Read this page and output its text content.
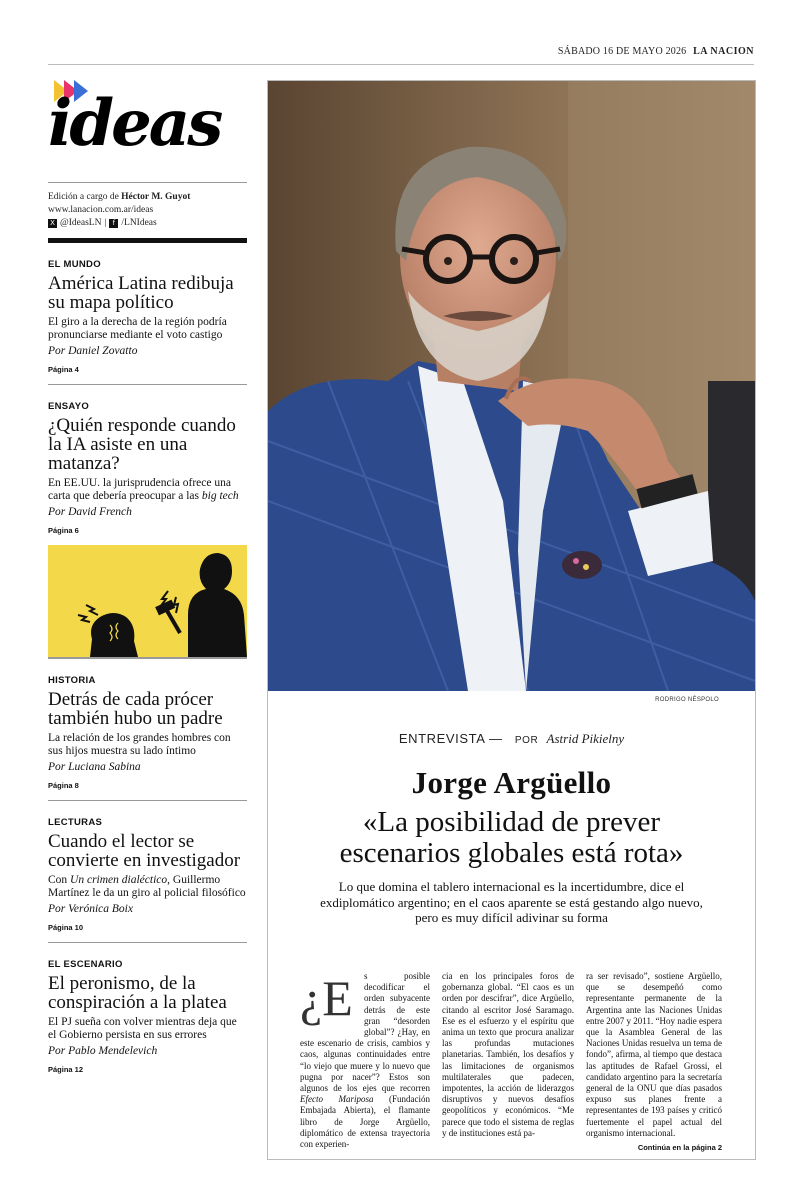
SÁBADO 16 DE MAYO 2026 LA NACION
ideas
Edición a cargo de Héctor M. Guyot
www.lanacion.com.ar/ideas
X @IdeasLN | f /LNIdeas
EL MUNDO
América Latina redibuja su mapa político
El giro a la derecha de la región podría pronunciarse mediante el voto castigo
Por Daniel Zovatto
Página 4
ENSAYO
¿Quién responde cuando la IA asiste en una matanza?
En EE.UU. la jurisprudencia ofrece una carta que debería preocupar a las big tech
Por David French
Página 6
HISTORIA
Detrás de cada prócer también hubo un padre
La relación de los grandes hombres con sus hijos muestra su lado íntimo
Por Luciana Sabina
Página 8
LECTURAS
Cuando el lector se convierte en investigador
Con Un crimen dialéctico, Guillermo Martínez le da un giro al policial filosófico
Por Verónica Boix
Página 10
EL ESCENARIO
El peronismo, de la conspiración a la platea
El PJ sueña con volver mientras deja que el Gobierno persista en sus errores
Por Pablo Mendelevich
Página 12
RODRIGO NÉSPOLO
ENTREVISTA — POR Astrid Pikielny
Jorge Argüello
«La posibilidad de prever
escenarios globales está rota»
Lo que domina el tablero internacional es la incertidumbre, dice el exdiplomático argentino; en el caos aparente se está gestando algo nuevo, pero es muy difícil adivinar su forma
¿E	s posible decodificar el orden subyacente detrás de este gran “desorden global”? ¿Hay, en este escenario de crisis, cambios y caos, algunas continuidades entre “lo viejo que muere y lo nuevo que pugna por nacer”? Estos son algunos de los ejes que recorren Efecto Mariposa (Fundación Embajada Abierta), el flamante libro de Jorge Argüello, diplomático de extensa trayectoria con experien-
cia en los principales foros de gobernanza global. “El caos es un orden por descifrar”, dice Argüello, citando al escritor José Saramago. Ese es el esfuerzo y el espíritu que anima un texto que procura analizar las profundas mutaciones planetarias. También, los desafíos y las limitaciones de organismos multilaterales que padecen, impotentes, la acción de liderazgos disruptivos y nuevos desafíos geopolíticos y económicos. “Me parece que todo el sistema de reglas y de instituciones está pa-
ra ser revisado”, sostiene Argüello, que se desempeñó como representante permanente de la Argentina ante las Naciones Unidas entre 2007 y 2011. “Hoy nadie espera que la Asamblea General de las Naciones Unidas resuelva un tema de fondo”, afirma, al tiempo que destaca las aptitudes de Rafael Grossi, el candidato argentino para la secretaría general de la ONU que días pasados expuso sus planes frente a representantes de 193 países y criticó fuertemente el papel actual del organismo internacional.
Continúa en la página 2
